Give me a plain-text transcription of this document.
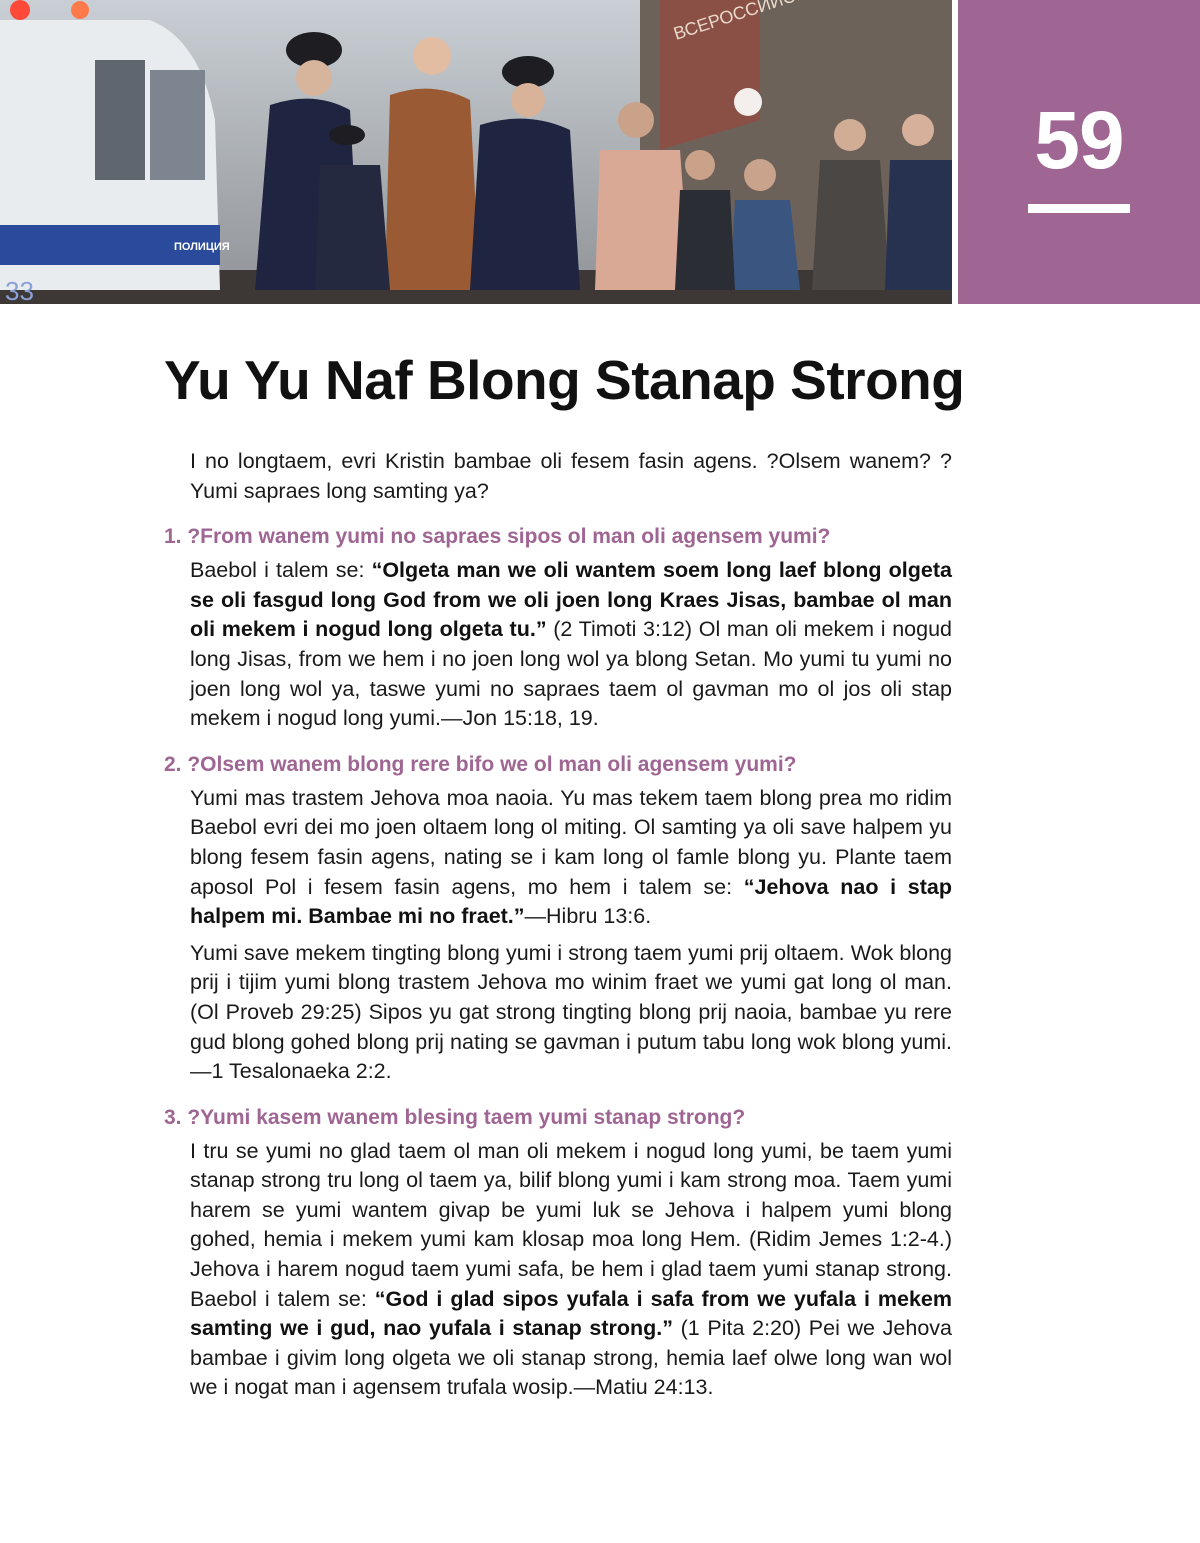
ПОЛИЦИЯ
33
59
Yu Yu Naf Blong Stanap Strong

I no longtaem, evri Kristin bambae oli fesem fasin agens. ?Olsem wanem? ?Yumi sapraes long samting ya?

1. ?From wanem yumi no sapraes sipos ol man oli agensem yumi?

Baebol i talem se: “Olgeta man we oli wantem soem long laef blong olgeta se oli fasgud long God from we oli joen long Kraes Jisas, bambae ol man oli mekem i nogud long olgeta tu.” (2 Timoti 3:12) Ol man oli mekem i nogud long Jisas, from we hem i no joen long wol ya blong Setan. Mo yumi tu yumi no joen long wol ya, taswe yumi no sapraes taem ol gavman mo ol jos oli stap mekem i nogud long yumi.—Jon 15:18, 19.

2. ?Olsem wanem blong rere bifo we ol man oli agensem yumi?

Yumi mas trastem Jehova moa naoia. Yu mas tekem taem blong prea mo ridim Baebol evri dei mo joen oltaem long ol miting. Ol samting ya oli save halpem yu blong fesem fasin agens, nating se i kam long ol famle blong yu. Plante taem aposol Pol i fesem fasin agens, mo hem i talem se: “Jehova nao i stap halpem mi. Bambae mi no fraet.”—Hibru 13:6.

Yumi save mekem tingting blong yumi i strong taem yumi prij oltaem. Wok blong prij i tijim yumi blong trastem Jehova mo winim fraet we yumi gat long ol man. (Ol Proveb 29:25) Sipos yu gat strong tingting blong prij naoia, bambae yu rere gud blong gohed blong prij nating se gavman i putum tabu long wok blong yumi.—1 Tesalonaeka 2:2.

3. ?Yumi kasem wanem blesing taem yumi stanap strong?

I tru se yumi no glad taem ol man oli mekem i nogud long yumi, be taem yumi stanap strong tru long ol taem ya, bilif blong yumi i kam strong moa. Taem yumi harem se yumi wantem givap be yumi luk se Jehova i halpem yumi blong gohed, hemia i mekem yumi kam klosap moa long Hem. (Ridim Jemes 1:2-4.) Jehova i harem nogud taem yumi safa, be hem i glad taem yumi stanap strong. Baebol i talem se: “God i glad sipos yufala i safa from we yufala i mekem samting we i gud, nao yufala i stanap strong.” (1 Pita 2:20) Pei we Jehova bambae i givim long olgeta we oli stanap strong, hemia laef olwe long wan wol we i nogat man i agensem trufala wosip.—Matiu 24:13.
